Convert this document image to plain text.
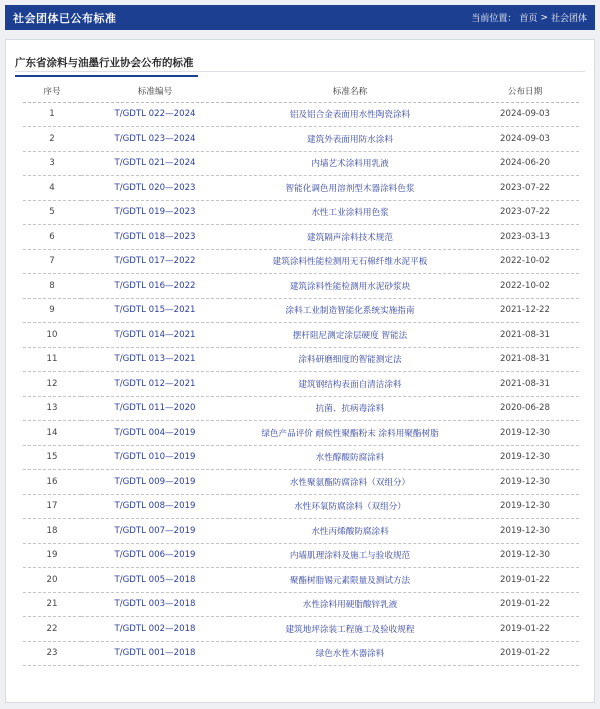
社会团体已公布标准	当前位置： 首页 > 社会团体
广东省涂料与油墨行业协会公布的标准
序号	标准编号	标准名称	公布日期
1	T/GDTL 022—2024	铝及铝合金表面用水性陶瓷涂料	2024-09-03
2	T/GDTL 023—2024	建筑外表面用防水涂料	2024-09-03
3	T/GDTL 021—2024	内墙艺术涂料用乳液	2024-06-20
4	T/GDTL 020—2023	智能化调色用溶剂型木器涂料色浆	2023-07-22
5	T/GDTL 019—2023	水性工业涂料用色浆	2023-07-22
6	T/GDTL 018—2023	建筑隔声涂料技术规范	2023-03-13
7	T/GDTL 017—2022	建筑涂料性能检测用无石棉纤维水泥平板	2022-10-02
8	T/GDTL 016—2022	建筑涂料性能检测用水泥砂浆块	2022-10-02
9	T/GDTL 015—2021	涂料工业制造智能化系统实施指南	2021-12-22
10	T/GDTL 014—2021	摆杆阻尼测定涂层硬度 智能法	2021-08-31
11	T/GDTL 013—2021	涂料研磨细度的智能测定法	2021-08-31
12	T/GDTL 012—2021	建筑钢结构表面自清洁涂料	2021-08-31
13	T/GDTL 011—2020	抗菌、抗病毒涂料	2020-06-28
14	T/GDTL 004—2019	绿色产品评价 耐候性聚酯粉末 涂料用聚酯树脂	2019-12-30
15	T/GDTL 010—2019	水性醇酸防腐涂料	2019-12-30
16	T/GDTL 009—2019	水性聚氨酯防腐涂料（双组分）	2019-12-30
17	T/GDTL 008—2019	水性环氧防腐涂料（双组分）	2019-12-30
18	T/GDTL 007—2019	水性丙烯酸防腐涂料	2019-12-30
19	T/GDTL 006—2019	内墙肌理涂料及施工与验收规范	2019-12-30
20	T/GDTL 005—2018	聚酯树脂锡元素限量及测试方法	2019-01-22
21	T/GDTL 003—2018	水性涂料用硬脂酸锌乳液	2019-01-22
22	T/GDTL 002—2018	建筑地坪涂装工程施工及验收规程	2019-01-22
23	T/GDTL 001—2018	绿色水性木器涂料	2019-01-22
